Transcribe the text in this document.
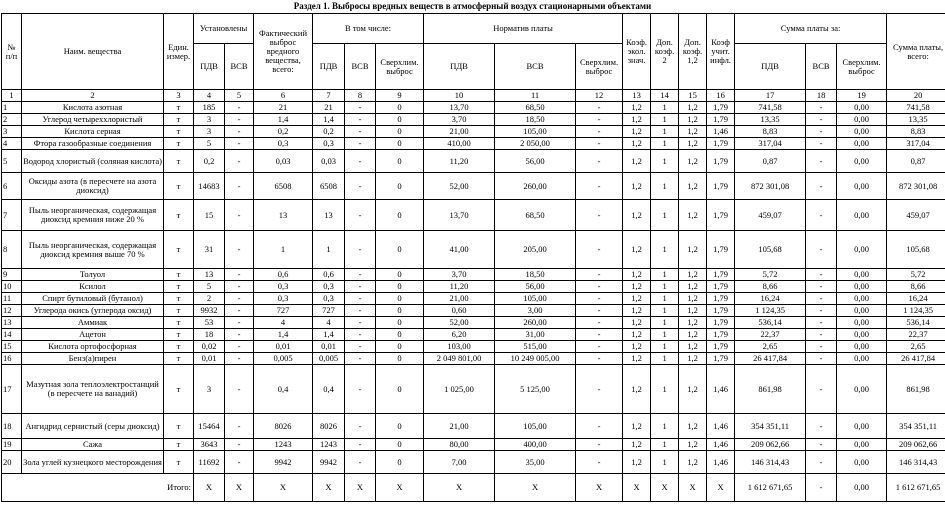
Раздел 1. Выбросы вредных веществ в атмосферный воздух стационарными объектами
№ п/п	Наим. вещества	Един. измер.	Установлены		Фактический выброс вредного вещества, всего:	В том числе:			Норматив платы			Коэф. экол. знач.	Доп. коэф. 2	Доп. коэф. 1,2	Коэф учит. инфл.	Сумма платы за:			Сумма платы, всего:
			ПДВ	ВСВ		ПДВ	ВСВ	Сверхлим. выброс	ПДВ	ВСВ	Сверхлим. выброс					ПДВ	ВСВ	Сверхлим. выброс	
1	2	3	4	5	6	7	8	9	10	11	12	13	14	15	16	17	18	19	20
1	Кислота азотная	т	185	-	21	21	-	0	13,70	68,50	-	1,2	1	1,2	1,79	741,58	-	0,00	741,58
2	Углерод четыреххлористый	т	3	-	1,4	1,4	-	0	3,70	18,50	-	1,2	1	1,2	1,79	13,35	-	0,00	13,35
3	Кислота серная	т	3	-	0,2	0,2	-	0	21,00	105,00	-	1,2	1	1,2	1,46	8,83	-	0,00	8,83
4	Фтора газообразные соединения	т	5	-	0,3	0,3	-	0	410,00	2 050,00	-	1,2	1	1,2	1,79	317,04	-	0,00	317,04
5	Водород хлористый (соляная кислота)	т	0,2	-	0,03	0,03	-	0	11,20	56,00	-	1,2	1	1,2	1,79	0,87	-	0,00	0,87
6	Оксиды азота (в пересчете на азота диоксид)	т	14683	-	6508	6508	-	0	52,00	260,00	-	1,2	1	1,2	1,79	872 301,08	-	0,00	872 301,08
7	Пыль неорганическая, содержащая диоксид кремния ниже 20 %	т	15	-	13	13	-	0	13,70	68,50	-	1,2	1	1,2	1,79	459,07	-	0,00	459,07
8	Пыль неорганическая, содержащая диоксид кремния выше 70 %	т	31	-	1	1	-	0	41,00	205,00	-	1,2	1	1,2	1,79	105,68	-	0,00	105,68
9	Толуол	т	13	-	0,6	0,6	-	0	3,70	18,50	-	1,2	1	1,2	1,79	5,72	-	0,00	5,72
10	Ксилол	т	5	-	0,3	0,3	-	0	11,20	56,00	-	1,2	1	1,2	1,79	8,66	-	0,00	8,66
11	Спирт бутиловый (бутанол)	т	2	-	0,3	0,3	-	0	21,00	105,00	-	1,2	1	1,2	1,79	16,24	-	0,00	16,24
12	Углерода окись (углерода оксид)	т	9932	-	727	727	-	0	0,60	3,00	-	1,2	1	1,2	1,79	1 124,35	-	0,00	1 124,35
13	Аммиак	т	53	-	4	4	-	0	52,00	260,00	-	1,2	1	1,2	1,79	536,14	-	0,00	536,14
14	Ацетон	т	18	-	1,4	1,4	-	0	6,20	31,00	-	1,2	1	1,2	1,79	22,37	-	0,00	22,37
15	Кислота ортофосфорная	т	0,02	-	0,01	0,01	-	0	103,00	515,00	-	1,2	1	1,2	1,79	2,65	-	0,00	2,65
16	Бенз(а)пирен	т	0,01	-	0,005	0,005	-	0	2 049 801,00	10 249 005,00	-	1,2	1	1,2	1,79	26 417,84	-	0,00	26 417,84
17	Мазутная зола теплоэлектростанций (в пересчете на ванадий)	т	3	-	0,4	0,4	-	0	1 025,00	5 125,00	-	1,2	1	1,2	1,46	861,98	-	0,00	861,98
18	Ангидрид сернистый (серы диоксид)	т	15464	-	8026	8026	-	0	21,00	105,00	-	1,2	1	1,2	1,46	354 351,11	-	0,00	354 351,11
19	Сажа	т	3643	-	1243	1243	-	0	80,00	400,00	-	1,2	1	1,2	1,46	209 062,66	-	0,00	209 062,66
20	Зола углей кузнецкого месторождения	т	11692	-	9942	9942	-	0	7,00	35,00	-	1,2	1	1,2	1,46	146 314,43	-	0,00	146 314,43
Итого:			X	X	X	X	X	X	X	X	X	X	X	X	X	1 612 671,65	-	0,00	1 612 671,65
